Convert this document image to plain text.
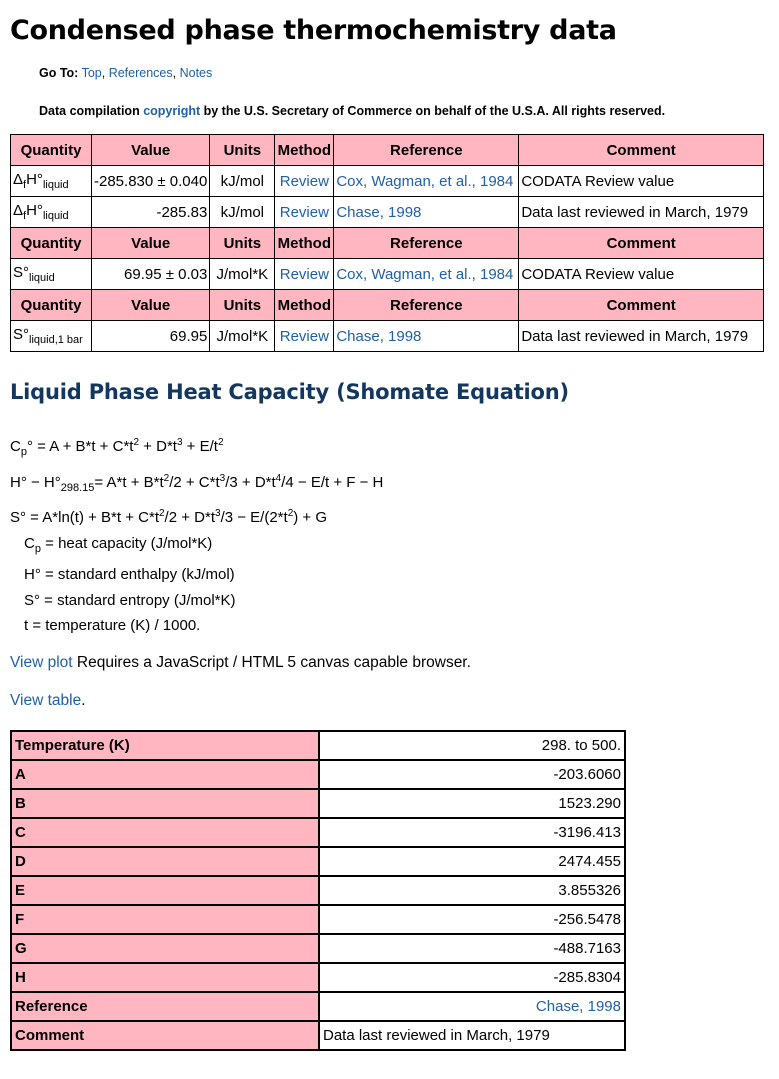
Condensed phase thermochemistry data
Go To: Top, References, Notes
Data compilation copyright by the U.S. Secretary of Commerce on behalf of the U.S.A. All rights reserved.
Quantity	Value	Units	Method	Reference	Comment
$\Delta_fH^\circ_{liquid}$	-285.830 ± 0.040	kJ/mol	Review	Cox, Wagman, et al., 1984	CODATA Review value
$\Delta_fH^\circ_{liquid}$	-285.83	kJ/mol	Review	Chase, 1998	Data last reviewed in March, 1979
Quantity	Value	Units	Method	Reference	Comment
$S^\circ_{liquid}$	69.95 ± 0.03	J/mol*K	Review	Cox, Wagman, et al., 1984	CODATA Review value
Quantity	Value	Units	Method	Reference	Comment
$S^\circ_{liquid,1 bar}$	69.95	J/mol*K	Review	Chase, 1998	Data last reviewed in March, 1979
Liquid Phase Heat Capacity (Shomate Equation)
$C_p^\circ = A + B*t + C*t^2 + D*t^3 + E/t^2$
$H^\circ - H^\circ_{298.15}= A*t + B*t^2/2 + C*t^3/3 + D*t^4/4 - E/t + F - H$
$S^\circ = A*\ln(t) + B*t + C*t^2/2 + D*t^3/3 - E/(2*t^2) + G$
$C_p$ = heat capacity (J/mol*K)
H° = standard enthalpy (kJ/mol)
S° = standard entropy (J/mol*K)
t = temperature (K) / 1000.
View plot Requires a JavaScript / HTML 5 canvas capable browser.
View table.
Temperature (K)	298. to 500.
A	-203.6060
B	1523.290
C	-3196.413
D	2474.455
E	3.855326
F	-256.5478
G	-488.7163
H	-285.8304
Reference	Chase, 1998
Comment	Data last reviewed in March, 1979
